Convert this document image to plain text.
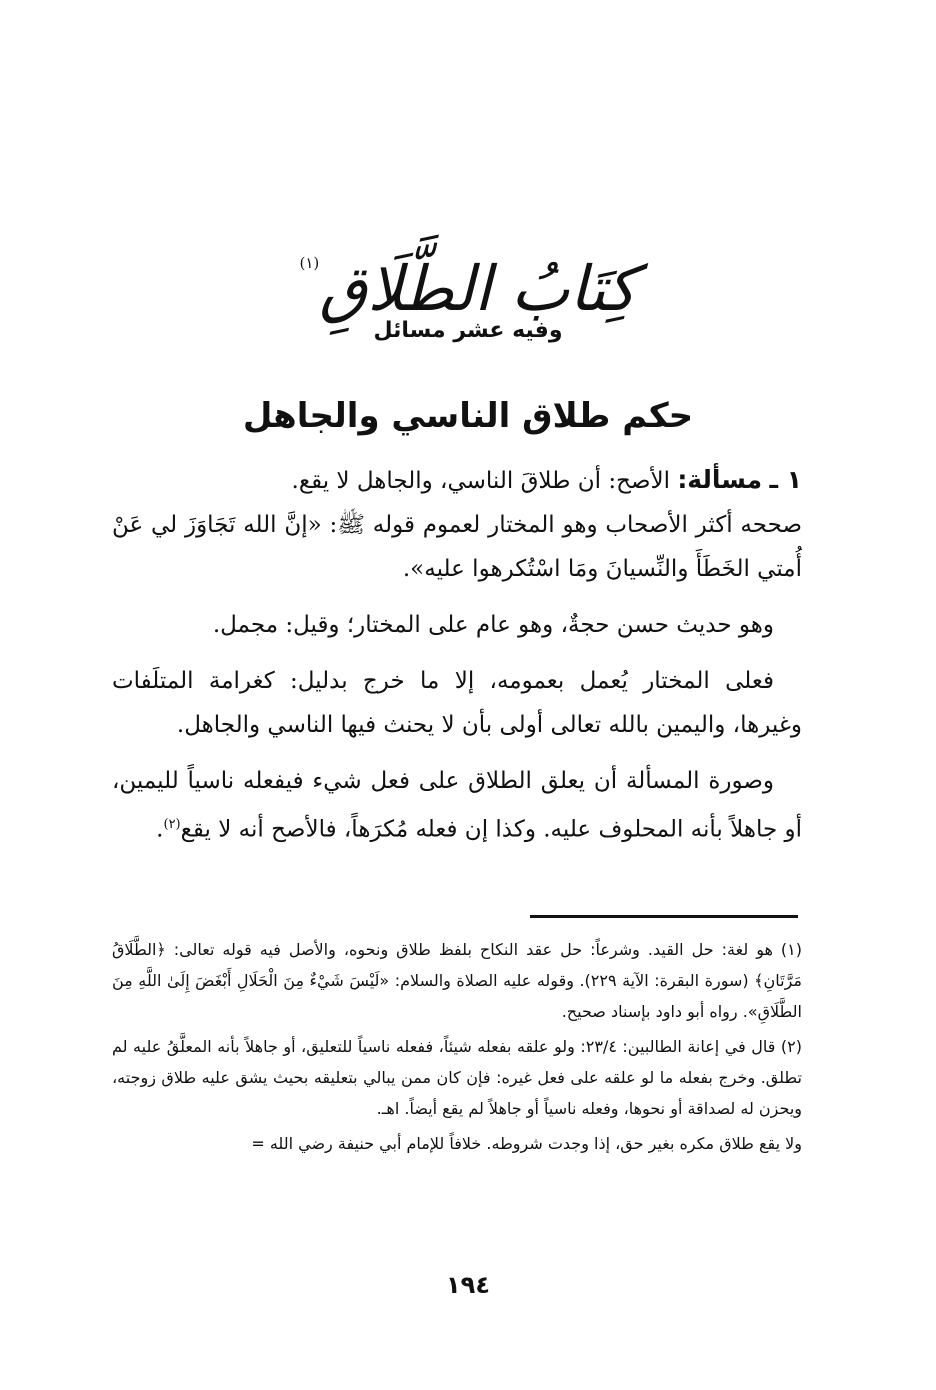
كِتَابُ الطَّلَاقِ$^{(١)}$
وفيه عشر مسائل
حكم طلاق الناسي والجاهل

١ ـ مسألة: الأصح: أن طلاقَ الناسي، والجاهل لا يقع.
صححه أكثر الأصحاب وهو المختار لعموم قوله ﷺ: «إنَّ الله تَجَاوَزَ لي عَنْ أُمتي الخَطَأَ والنِّسيانَ ومَا اسْتُكرهوا عليه».

وهو حديث حسن حجةٌ، وهو عام على المختار؛ وقيل: مجمل.

فعلى المختار يُعمل بعمومه، إلا ما خرج بدليل: كغرامة المتلَفات وغيرها، واليمين بالله تعالى أولى بأن لا يحنث فيها الناسي والجاهل.

وصورة المسألة أن يعلق الطلاق على فعل شيء فيفعله ناسياً لليمين، أو جاهلاً بأنه المحلوف عليه. وكذا إن فعله مُكرَهاً، فالأصح أنه لا يقع$^{(٢)}$.

(١) هو لغة: حل القيد. وشرعاً: حل عقد النكاح بلفظ طلاق ونحوه، والأصل فيه قوله تعالى: ﴿الطَّلَاقُ مَرَّتَانِ﴾ (سورة البقرة: الآية ٢٢٩). وقوله عليه الصلاة والسلام: «لَيْسَ شَيْءٌ مِنَ الْحَلَالِ أَبْغَضَ إِلَىٰ اللَّهِ مِنَ الطَّلَاقِ». رواه أبو داود بإسناد صحيح.

(٢) قال في إعانة الطالبين: ٢٣/٤: ولو علقه بفعله شيئاً، ففعله ناسياً للتعليق، أو جاهلاً بأنه المعلَّقُ عليه لم تطلق. وخرج بفعله ما لو علقه على فعل غيره: فإن كان ممن يبالي بتعليقه بحيث يشق عليه طلاق زوجته، ويحزن له لصداقة أو نحوها، وفعله ناسياً أو جاهلاً لم يقع أيضاً. اهـ.

ولا يقع طلاق مكره بغير حق، إذا وجدت شروطه. خلافاً للإمام أبي حنيفة رضي الله =

١٩٤
